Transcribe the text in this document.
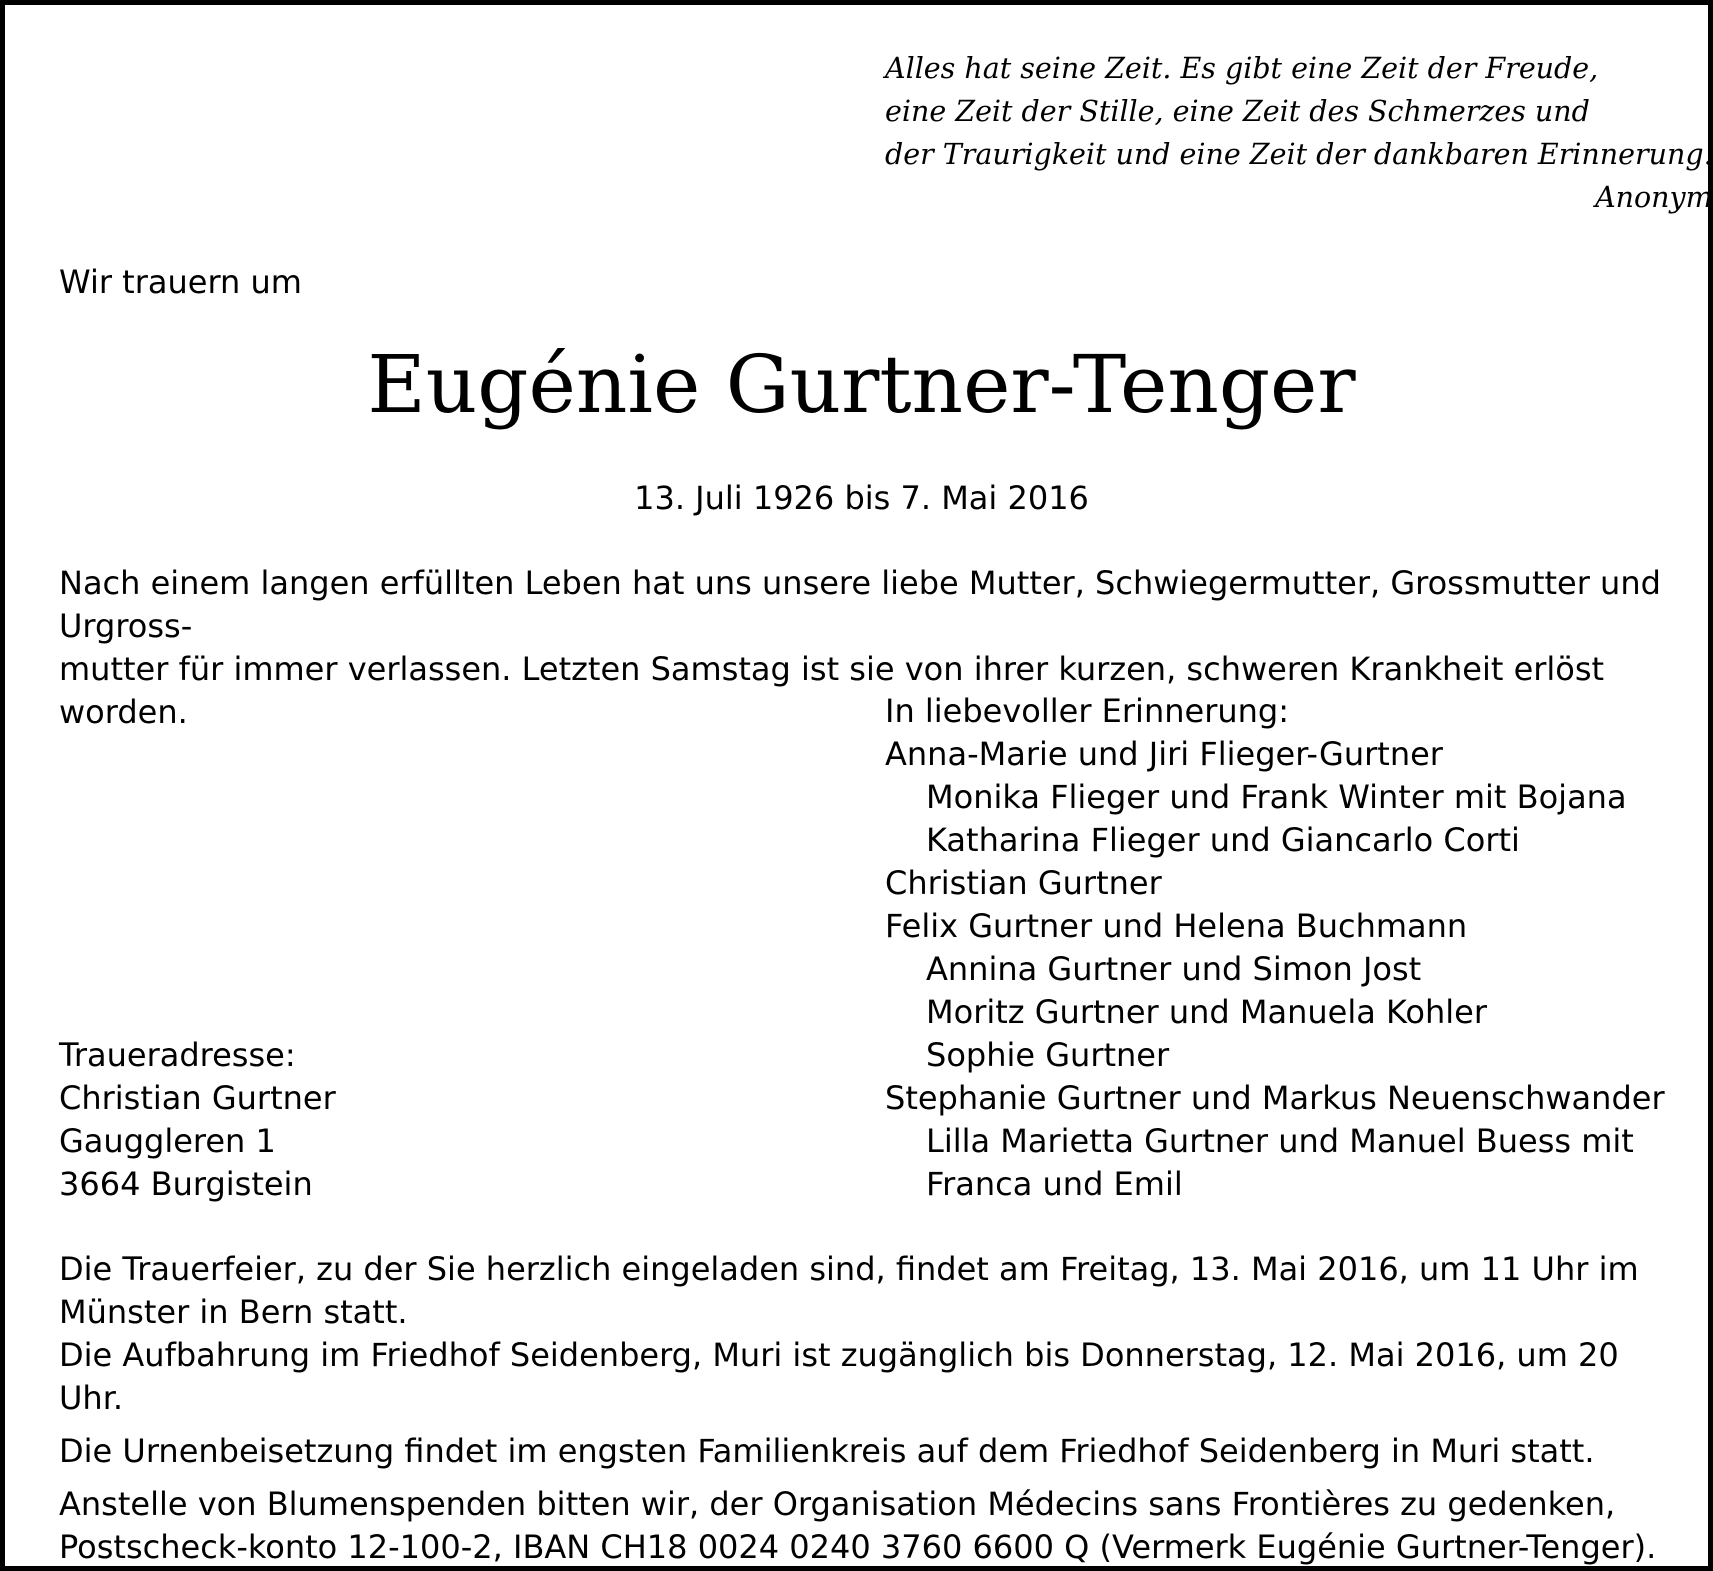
Alles hat seine Zeit. Es gibt eine Zeit der Freude,
eine Zeit der Stille, eine Zeit des Schmerzes und
der Traurigkeit und eine Zeit der dankbaren Erinnerung.
Anonym
Wir trauern um
Eugénie Gurtner-Tenger
13. Juli 1926 bis 7. Mai 2016
Nach einem langen erfüllten Leben hat uns unsere liebe Mutter, Schwiegermutter, Grossmutter und Urgross-
mutter für immer verlassen. Letzten Samstag ist sie von ihrer kurzen, schweren Krankheit erlöst worden.	In liebevoller Erinnerung:
Anna-Marie und Jiri Flieger-Gurtner
Monika Flieger und Frank Winter mit Bojana
Katharina Flieger und Giancarlo Corti
Christian Gurtner
Felix Gurtner und Helena Buchmann
Annina Gurtner und Simon Jost
Moritz Gurtner und Manuela Kohler
Sophie Gurtner
Stephanie Gurtner und Markus Neuenschwander
Lilla Marietta Gurtner und Manuel Buess mit
Franca und Emil
Traueradresse:
Christian Gurtner
Gauggleren 1
3664 Burgistein

Die Trauerfeier, zu der Sie herzlich eingeladen sind, findet am Freitag, 13. Mai 2016, um 11 Uhr im Münster in Bern statt.

Die Aufbahrung im Friedhof Seidenberg, Muri ist zugänglich bis Donnerstag, 12. Mai 2016, um 20 Uhr.

Die Urnenbeisetzung findet im engsten Familienkreis auf dem Friedhof Seidenberg in Muri statt.

Anstelle von Blumenspenden bitten wir, der Organisation Médecins sans Frontières zu gedenken, Postscheck-konto 12-100-2, IBAN CH18 0024 0240 3760 6600 Q (Vermerk Eugénie Gurtner-Tenger).
